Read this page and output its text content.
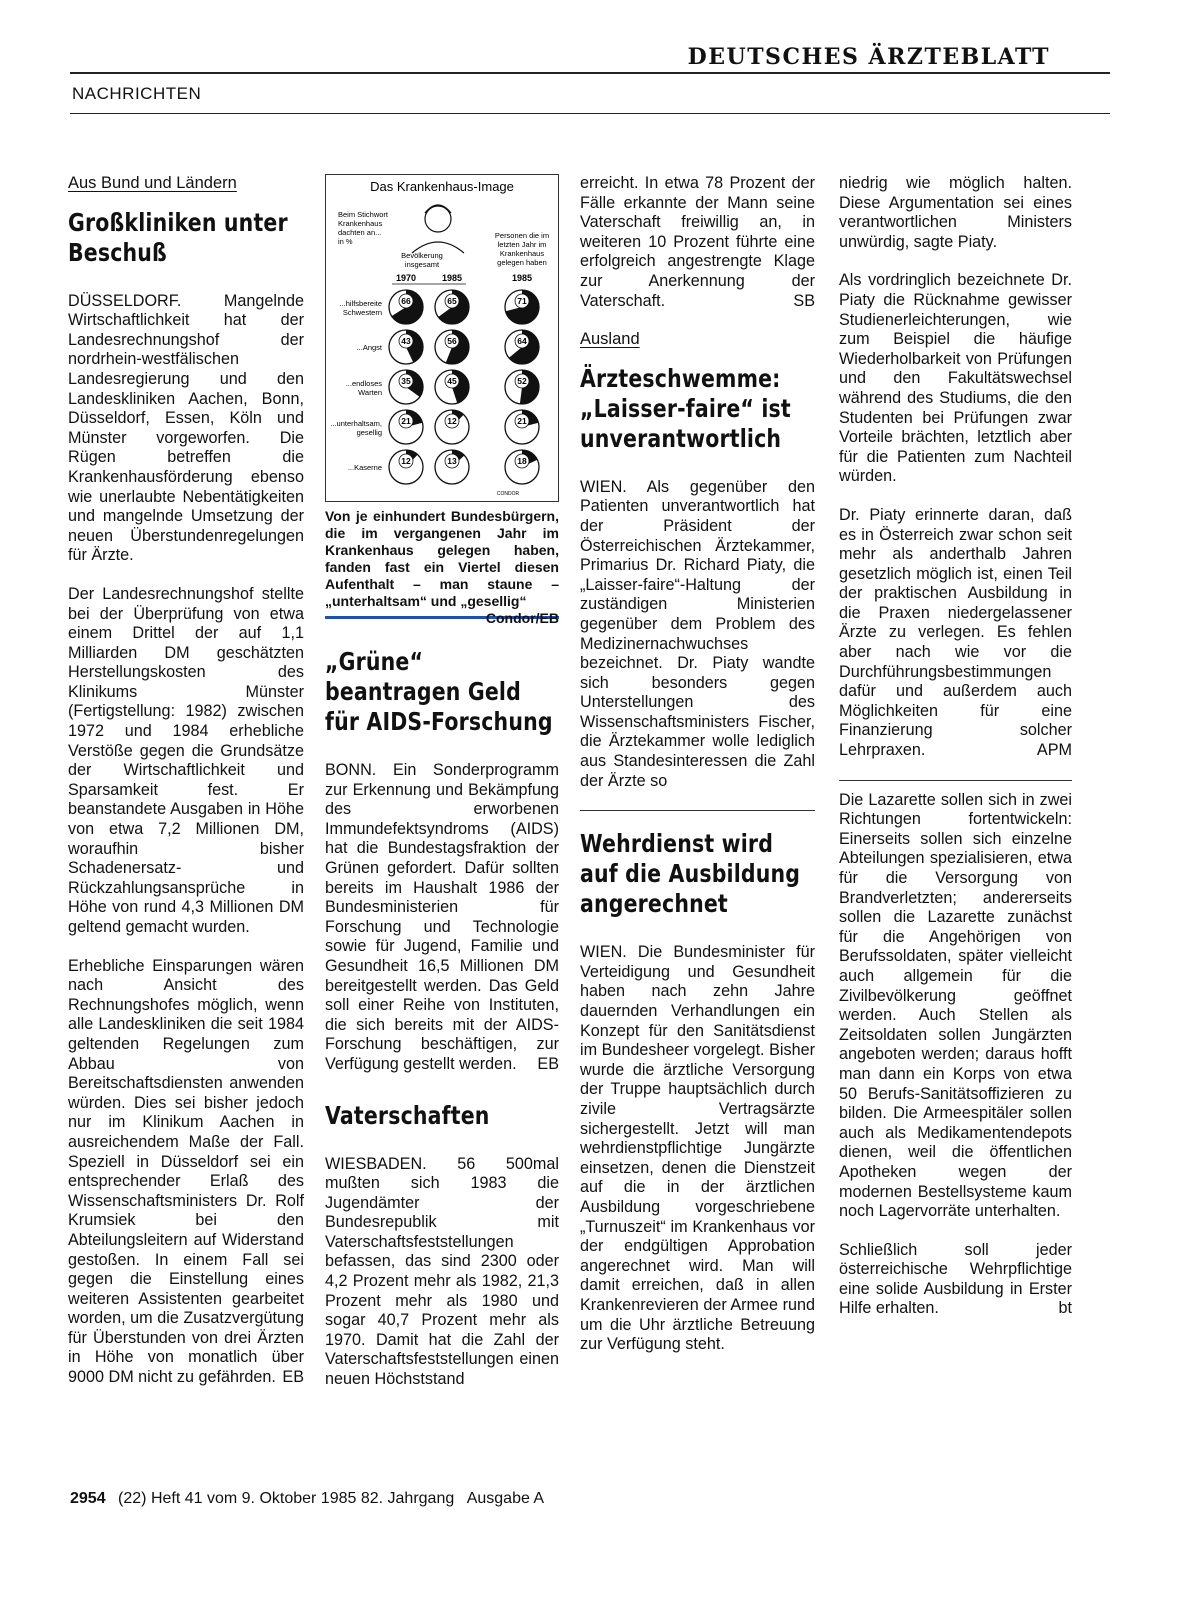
DEUTSCHES ÄRZTEBLATT
NACHRICHTEN
Aus Bund und Ländern
Großkliniken unter Beschuß

DÜSSELDORF. Mangelnde Wirtschaftlichkeit hat der Landesrechnungshof der nordrhein-westfälischen Landesregierung und den Landeskliniken Aachen, Bonn, Düsseldorf, Essen, Köln und Münster vorgeworfen. Die Rügen betreffen die Krankenhausförderung ebenso wie unerlaubte Nebentätigkeiten und mangelnde Umsetzung der neuen Überstundenregelungen für Ärzte.

Der Landesrechnungshof stellte bei der Überprüfung von etwa einem Drittel der auf 1,1 Milliarden DM geschätzten Herstellungskosten des Klinikums Münster (Fertigstellung: 1982) zwischen 1972 und 1984 erhebliche Verstöße gegen die Grundsätze der Wirtschaftlichkeit und Sparsamkeit fest. Er beanstandete Ausgaben in Höhe von etwa 7,2 Millionen DM, woraufhin bisher Schadenersatz- und Rückzahlungsansprüche in Höhe von rund 4,3 Millionen DM geltend gemacht wurden.

Erhebliche Einsparungen wären nach Ansicht des Rechnungshofes möglich, wenn alle Landeskliniken die seit 1984 geltenden Regelungen zum Abbau von Bereitschaftsdiensten anwenden würden. Dies sei bisher jedoch nur im Klinikum Aachen in ausreichendem Maße der Fall. Speziell in Düsseldorf sei ein entsprechender Erlaß des Wissenschaftsministers Dr. Rolf Krumsiek bei den Abteilungsleitern auf Widerstand gestoßen. In einem Fall sei gegen die Einstellung eines weiteren Assistenten gearbeitet worden, um die Zusatzvergütung für Überstunden von drei Ärzten in Höhe von monatlich über 9000 DM nicht zu gefährden. EB

Das Krankenhaus-Image
Beim Stichwort
Krankenhaus
dachten an...
in %
Bevölkerung
insgesamt
Personen die im
letzten Jahr im
Krankenhaus
gelegen haben
1970	1985	1985
...hilfsbereite
Schwestern
66	65	71
...Angst
43	56	64
...endloses
Warten
35	45	52
...unterhaltsam,
gesellig
21	12	21
...Kaserne
12	13	18
CONDOR
Von je einhundert Bundesbürgern, die im vergangenen Jahr im Krankenhaus gelegen haben, fanden fast ein Viertel diesen Aufenthalt – man staune – „unterhaltsam“ und „gesellig“
Condor/EB
„Grüne“ beantragen Geld für AIDS-Forschung

BONN. Ein Sonderprogramm zur Erkennung und Bekämpfung des erworbenen Immundefektsyndroms (AIDS) hat die Bundestagsfraktion der Grünen gefordert. Dafür sollten bereits im Haushalt 1986 der Bundesministerien für Forschung und Technologie sowie für Jugend, Familie und Gesundheit 16,5 Millionen DM bereitgestellt werden. Das Geld soll einer Reihe von Instituten, die sich bereits mit der AIDS-Forschung beschäftigen, zur Verfügung gestellt werden. EB

Vaterschaften

WIESBADEN. 56 500mal mußten sich 1983 die Jugendämter der Bundesrepublik mit Vaterschaftsfeststellungen befassen, das sind 2300 oder 4,2 Prozent mehr als 1982, 21,3 Prozent mehr als 1980 und sogar 40,7 Prozent mehr als 1970. Damit hat die Zahl der Vaterschaftsfeststellungen einen neuen Höchststand

erreicht. In etwa 78 Prozent der Fälle erkannte der Mann seine Vaterschaft freiwillig an, in weiteren 10 Prozent führte eine erfolgreich angestrengte Klage zur Anerkennung der Vaterschaft.	SB

Ausland
Ärzteschwemme: „Laisser-faire“ ist unverantwortlich

WIEN. Als gegenüber den Patienten unverantwortlich hat der Präsident der Österreichischen Ärztekammer, Primarius Dr. Richard Piaty, die „Laisser-faire“-Haltung der zuständigen Ministerien gegenüber dem Problem des Medizinernachwuchses bezeichnet. Dr. Piaty wandte sich besonders gegen Unterstellungen des Wissenschaftsministers Fischer, die Ärztekammer wolle lediglich aus Standesinteressen die Zahl der Ärzte so

Wehrdienst wird auf die Ausbildung angerechnet

WIEN. Die Bundesminister für Verteidigung und Gesundheit haben nach zehn Jahre dauernden Verhandlungen ein Konzept für den Sanitätsdienst im Bundesheer vorgelegt. Bisher wurde die ärztliche Versorgung der Truppe hauptsächlich durch zivile Vertragsärzte sichergestellt. Jetzt will man wehrdienstpflichtige Jungärzte einsetzen, denen die Dienstzeit auf die in der ärztlichen Ausbildung vorgeschriebene „Turnuszeit“ im Krankenhaus vor der endgültigen Approbation angerechnet wird. Man will damit erreichen, daß in allen Krankenrevieren der Armee rund um die Uhr ärztliche Betreuung zur Verfügung steht.

niedrig wie möglich halten. Diese Argumentation sei eines verantwortlichen Ministers unwürdig, sagte Piaty.

Als vordringlich bezeichnete Dr. Piaty die Rücknahme gewisser Studienerleichterungen, wie zum Beispiel die häufige Wiederholbarkeit von Prüfungen und den Fakultätswechsel während des Studiums, die den Studenten bei Prüfungen zwar Vorteile brächten, letztlich aber für die Patienten zum Nachteil würden.

Dr. Piaty erinnerte daran, daß es in Österreich zwar schon seit mehr als anderthalb Jahren gesetzlich möglich ist, einen Teil der praktischen Ausbildung in die Praxen niedergelassener Ärzte zu verlegen. Es fehlen aber nach wie vor die Durchführungsbestimmungen dafür und außerdem auch Möglichkeiten für eine Finanzierung solcher Lehrpraxen.	APM

Die Lazarette sollen sich in zwei Richtungen fortentwickeln: Einerseits sollen sich einzelne Abteilungen spezialisieren, etwa für die Versorgung von Brandverletzten; andererseits sollen die Lazarette zunächst für die Angehörigen von Berufssoldaten, später vielleicht auch allgemein für die Zivilbevölkerung geöffnet werden. Auch Stellen als Zeitsoldaten sollen Jungärzten angeboten werden; daraus hofft man dann ein Korps von etwa 50 Berufs-Sanitätsoffizieren zu bilden. Die Armeespitäler sollen auch als Medikamentendepots dienen, weil die öffentlichen Apotheken wegen der modernen Bestellsysteme kaum noch Lagervorräte unterhalten.

Schließlich soll jeder österreichische Wehrpflichtige eine solide Ausbildung in Erster Hilfe erhalten.	bt

2954 (22) Heft 41 vom 9. Oktober 1985 82. Jahrgang Ausgabe A
